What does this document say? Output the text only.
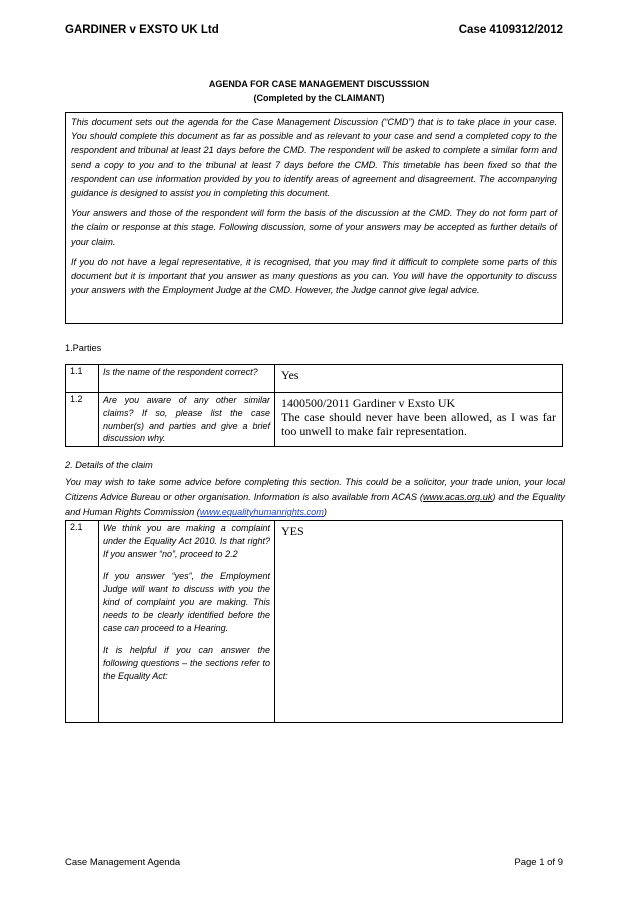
GARDINER v EXSTO UK Ltd	Case 4109312/2012
AGENDA FOR CASE MANAGEMENT DISCUSSSION
(Completed by the CLAIMANT)

This document sets out the agenda for the Case Management Discussion (“CMD”) that is to take place in your case. You should complete this document as far as possible and as relevant to your case and send a completed copy to the respondent and tribunal at least 21 days before the CMD. The respondent will be asked to complete a similar form and send a copy to you and to the tribunal at least 7 days before the CMD. This timetable has been fixed so that the respondent can use information provided by you to identify areas of agreement and disagreement. The accompanying guidance is designed to assist you in completing this document.

Your answers and those of the respondent will form the basis of the discussion at the CMD. They do not form part of the claim or response at this stage. Following discussion, some of your answers may be accepted as further details of your claim.

If you do not have a legal representative, it is recognised, that you may find it difficult to complete some parts of this document but it is important that you answer as many questions as you can. You will have the opportunity to discuss your answers with the Employment Judge at the CMD. However, the Judge cannot give legal advice.

1.Parties
1.1	Is the name of the respondent correct?	Yes
1.2	Are you aware of any other similar claims? If so, please list the case number(s) and parties and give a brief discussion why.	1400500/2011 Gardiner v Exsto UK
The case should never have been allowed, as I was far too unwell to make fair representation.
2. Details of the claim
You may wish to take some advice before completing this section. This could be a solicitor, your trade union, your local Citizens Advice Bureau or other organisation. Information is also available from ACAS (www.acas.org.uk) and the Equality and Human Rights Commission (www.equalityhumanrights.com)
2.1	We think you are making a complaint under the Equality Act 2010. Is that right? If you answer “no”, proceed to 2.2

If you answer “yes”, the Employment Judge will want to discuss with you the kind of complaint you are making. This needs to be clearly identified before the case can proceed to a Hearing.

It is helpful if you can answer the following questions – the sections refer to the Equality Act:

	YES
Case Management Agenda	Page 1 of 9
